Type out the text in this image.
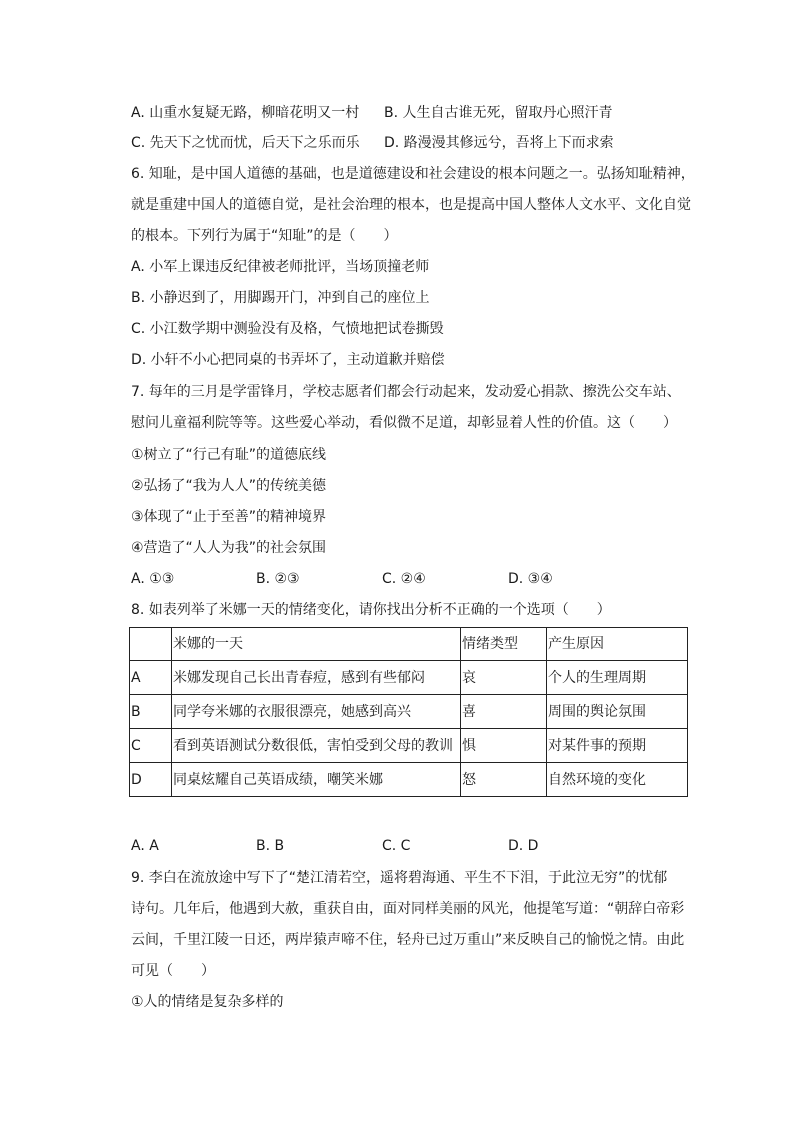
A. 山重水复疑无路，柳暗花明又一村 B. 人生自古谁无死，留取丹心照汗青
C. 先天下之忧而忧，后天下之乐而乐 D. 路漫漫其修远兮，吾将上下而求索
6. 知耻，是中国人道德的基础，也是道德建设和社会建设的根本问题之一。弘扬知耻精神，
就是重建中国人的道德自觉，是社会治理的根本，也是提高中国人整体人文水平、文化自觉
的根本。下列行为属于“知耻”的是（　　）
A. 小军上课违反纪律被老师批评，当场顶撞老师
B. 小静迟到了，用脚踢开门，冲到自己的座位上
C. 小江数学期中测验没有及格，气愤地把试卷撕毁
D. 小轩不小心把同桌的书弄坏了，主动道歉并赔偿
7. 每年的三月是学雷锋月，学校志愿者们都会行动起来，发动爱心捐款、擦洗公交车站、
慰问儿童福利院等等。这些爱心举动，看似微不足道，却彰显着人性的价值。这（　　）
①树立了“行己有耻”的道德底线
②弘扬了“我为人人”的传统美德
③体现了“止于至善”的精神境界
④营造了“人人为我”的社会氛围
A. ①③	B. ②③	C. ②④	D. ③④
8. 如表列举了米娜一天的情绪变化，请你找出分析不正确的一个选项（　　）
	米娜的一天	情绪类型	产生原因
A	米娜发现自己长出青春痘，感到有些郁闷	哀	个人的生理周期
B	同学夸米娜的衣服很漂亮，她感到高兴	喜	周围的舆论氛围
C	看到英语测试分数很低，害怕受到父母的教训	惧	对某件事的预期
D	同桌炫耀自己英语成绩，嘲笑米娜	怒	自然环境的变化
A. A	B. B	C. C	D. D
9. 李白在流放途中写下了“楚江清若空，遥将碧海通、平生不下泪，于此泣无穷”的忧郁
诗句。几年后，他遇到大赦，重获自由，面对同样美丽的风光，他提笔写道：“朝辞白帝彩
云间，千里江陵一日还，两岸猿声啼不住，轻舟已过万重山”来反映自己的愉悦之情。由此
可见（　　）
①人的情绪是复杂多样的
